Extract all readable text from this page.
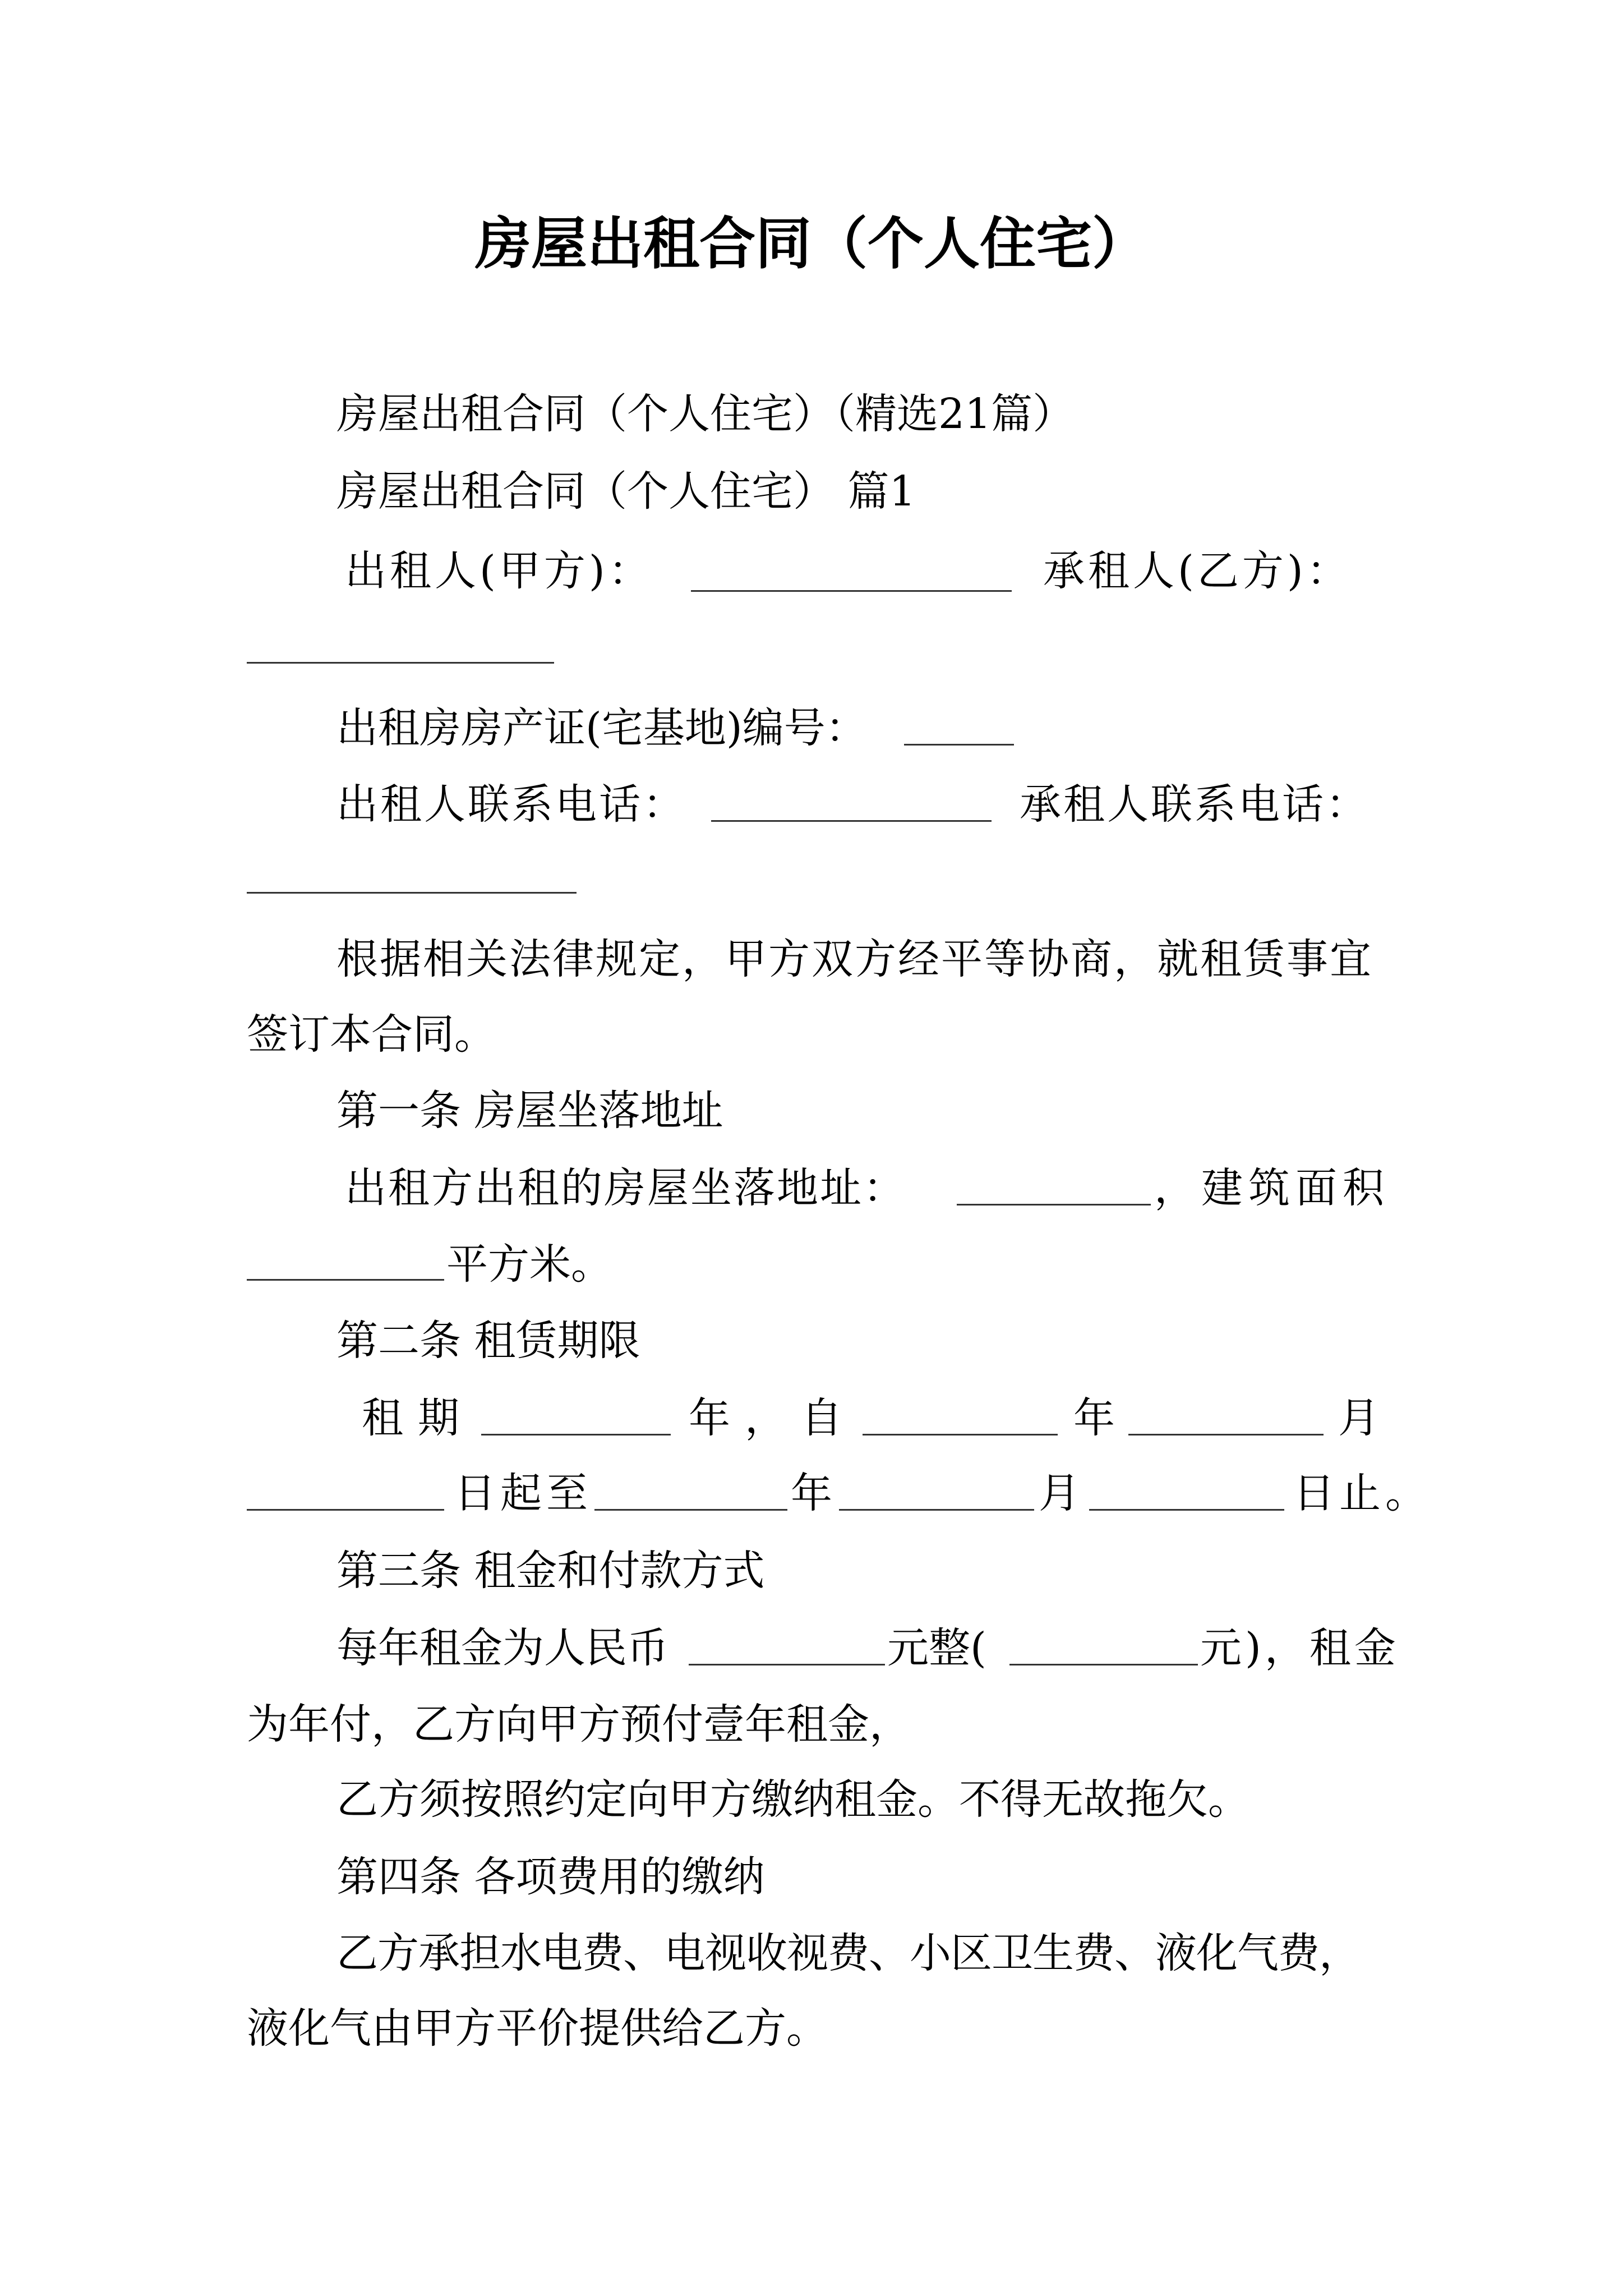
房屋出租合同（个人住宅）
房屋出租合同（个人住宅）（精选21篇）
房屋出租合同（个人住宅） 篇1
出租人(甲方)：	承租人(乙方)：
出租房房产证(宅基地)编号：
出租人联系电话：	承租人联系电话：
根据相关法律规定，甲方双方经平等协商，就租赁事宜
签订本合同。
第一条 房屋坐落地址
出租方出租的房屋坐落地址：	，建筑面积
平方米。
第二条 租赁期限
租期	年，自	年	月
日起至	年	月	日止。
第三条 租金和付款方式
每年租金为人民币	元整(	元)，租金
为年付，乙方向甲方预付壹年租金，
乙方须按照约定向甲方缴纳租金。不得无故拖欠。
第四条 各项费用的缴纳
乙方承担水电费、电视收视费、小区卫生费、液化气费，
液化气由甲方平价提供给乙方。
